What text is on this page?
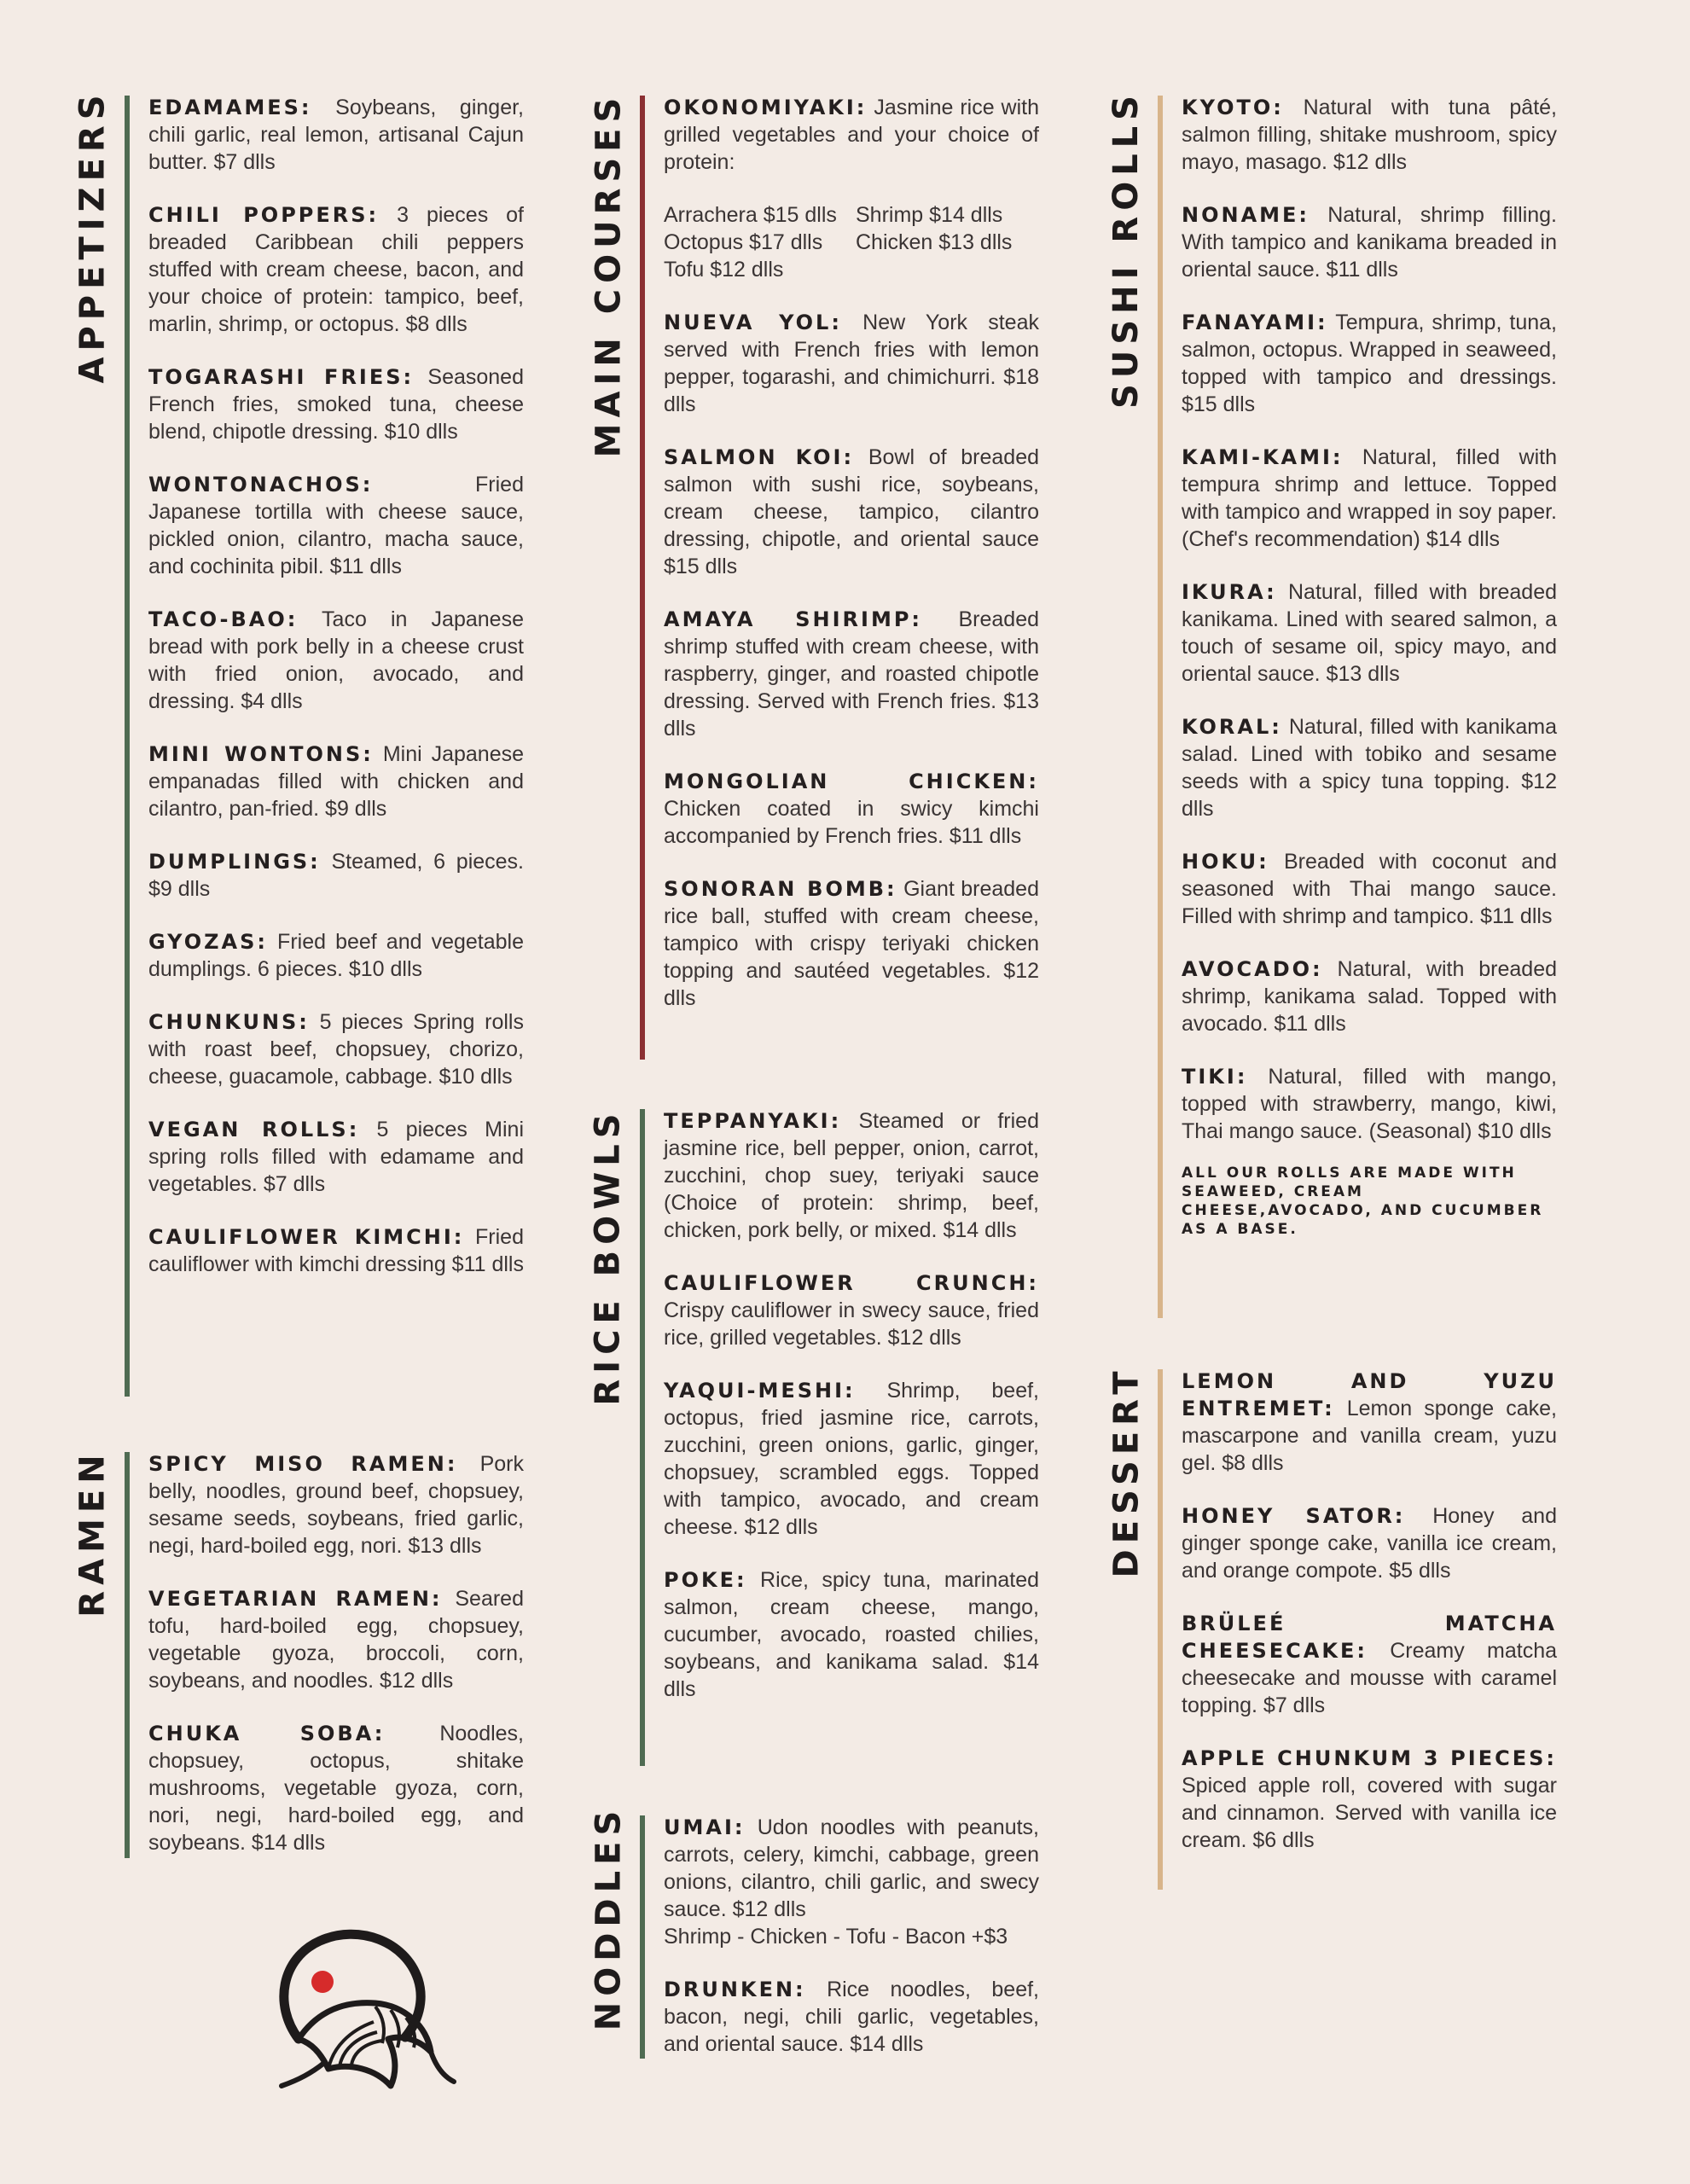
APPETIZERS EDAMAMES: Soybeans, ginger, chili garlic, real lemon, artisanal Cajun butter. $7 dlls
CHILI POPPERS: 3 pieces of breaded Caribbean chili peppers stuffed with cream cheese, bacon, and your choice of protein: tampico, beef, marlin, shrimp, or octopus. $8 dlls
TOGARASHI FRIES: Seasoned French fries, smoked tuna, cheese blend, chipotle dressing. $10 dlls
WONTONACHOS:	Fried Japanese tortilla with cheese sauce, pickled onion, cilantro, macha sauce, and cochinita pibil. $11 dlls
TACO-BAO: Taco in Japanese bread with pork belly in a cheese crust with fried onion, avocado, and dressing. $4 dlls
MINI WONTONS: Mini Japanese empanadas filled with chicken and cilantro, pan-fried. $9 dlls
DUMPLINGS: Steamed, 6 pieces. $9 dlls
GYOZAS: Fried beef and vegetable dumplings. 6 pieces. $10 dlls
CHUNKUNS: 5 pieces Spring rolls with roast beef, chopsuey, chorizo, cheese, guacamole, cabbage. $10 dlls
VEGAN ROLLS: 5 pieces Mini spring rolls filled with edamame and vegetables. $7 dlls
CAULIFLOWER KIMCHI: Fried cauliflower with kimchi dressing $11 dlls
RAMEN SPICY MISO RAMEN: Pork belly, noodles, ground beef, chopsuey, sesame seeds, soybeans, fried garlic, negi, hard-boiled egg, nori. $13 dlls
VEGETARIAN RAMEN: Seared tofu, hard-boiled egg, chopsuey, vegetable gyoza, broccoli, corn, soybeans, and noodles. $12 dlls
CHUKA SOBA:	Noodles, chopsuey, octopus, shitake mushrooms, vegetable gyoza, corn, nori, negi, hard-boiled egg, and soybeans. $14 dlls
MAIN COURSES OKONOMIYAKI: Jasmine rice with grilled vegetables and your choice of protein:
Arrachera $15 dlls Shrimp $14 dlls
Octopus $17 dlls	Chicken $13 dlls
Tofu $12 dlls
NUEVA YOL: New York steak served with French fries with lemon pepper, togarashi, and chimichurri. $18 dlls
SALMON KOI: Bowl of breaded salmon with sushi rice, soybeans, cream cheese, tampico, cilantro dressing, chipotle, and oriental sauce $15 dlls
AMAYA SHIRIMP: Breaded shrimp stuffed with cream cheese, with raspberry, ginger, and roasted chipotle dressing. Served with French fries. $13 dlls
MONGOLIAN CHICKEN: Chicken coated in swicy kimchi accompanied by French fries. $11 dlls
SONORAN BOMB: Giant breaded rice ball, stuffed with cream cheese, tampico with crispy teriyaki chicken topping and sautéed vegetables. $12 dlls
RICE BOWLS TEPPANYAKI: Steamed or fried jasmine rice, bell pepper, onion, carrot, zucchini, chop suey, teriyaki sauce (Choice of protein: shrimp, beef, chicken, pork belly, or mixed. $14 dlls
CAULIFLOWER CRUNCH: Crispy cauliflower in swecy sauce, fried rice, grilled vegetables. $12 dlls
YAQUI-MESHI: Shrimp, beef, octopus, fried jasmine rice, carrots, zucchini, green onions, garlic, ginger, chopsuey, scrambled eggs. Topped with tampico, avocado, and cream cheese. $12 dlls
POKE: Rice, spicy tuna, marinated salmon, cream cheese, mango, cucumber, avocado, roasted chilies, soybeans, and kanikama salad. $14 dlls
NODDLES UMAI: Udon noodles with peanuts, carrots, celery, kimchi, cabbage, green onions, cilantro, chili garlic, and swecy sauce. $12 dlls
Shrimp - Chicken - Tofu - Bacon +$3
DRUNKEN: Rice noodles, beef, bacon, negi, chili garlic, vegetables, and oriental sauce. $14 dlls
SUSHI ROLLS KYOTO: Natural with tuna pâté, salmon filling, shitake mushroom, spicy mayo, masago. $12 dlls
NONAME: Natural, shrimp filling. With tampico and kanikama breaded in oriental sauce. $11 dlls
FANAYAMI: Tempura, shrimp, tuna, salmon, octopus. Wrapped in seaweed, topped with tampico and dressings. $15 dlls
KAMI-KAMI: Natural, filled with tempura shrimp and lettuce. Topped with tampico and wrapped in soy paper. (Chef's recommendation) $14 dlls
IKURA: Natural, filled with breaded kanikama. Lined with seared salmon, a touch of sesame oil, spicy mayo, and oriental sauce. $13 dlls
KORAL: Natural, filled with kanikama salad. Lined with tobiko and sesame seeds with a spicy tuna topping. $12 dlls
HOKU: Breaded with coconut and seasoned with Thai mango sauce. Filled with shrimp and tampico. $11 dlls
AVOCADO: Natural, with breaded shrimp, kanikama salad. Topped with avocado. $11 dlls
TIKI: Natural, filled with mango, topped with strawberry, mango, kiwi, Thai mango sauce. (Seasonal) $10 dlls
ALL OUR ROLLS ARE MADE WITH SEAWEED, CREAM CHEESE,AVOCADO, AND CUCUMBER AS A BASE.
DESSERT LEMON AND YUZU ENTREMET: Lemon sponge cake, mascarpone and vanilla cream, yuzu gel. $8 dlls
HONEY SATOR: Honey and ginger sponge cake, vanilla ice cream, and orange compote. $5 dlls
BRÜLEÉ MATCHA CHEESECAKE: Creamy matcha cheesecake and mousse with caramel topping. $7 dlls
APPLE CHUNKUM 3 PIECES: Spiced apple roll, covered with sugar and cinnamon. Served with vanilla ice cream. $6 dlls
